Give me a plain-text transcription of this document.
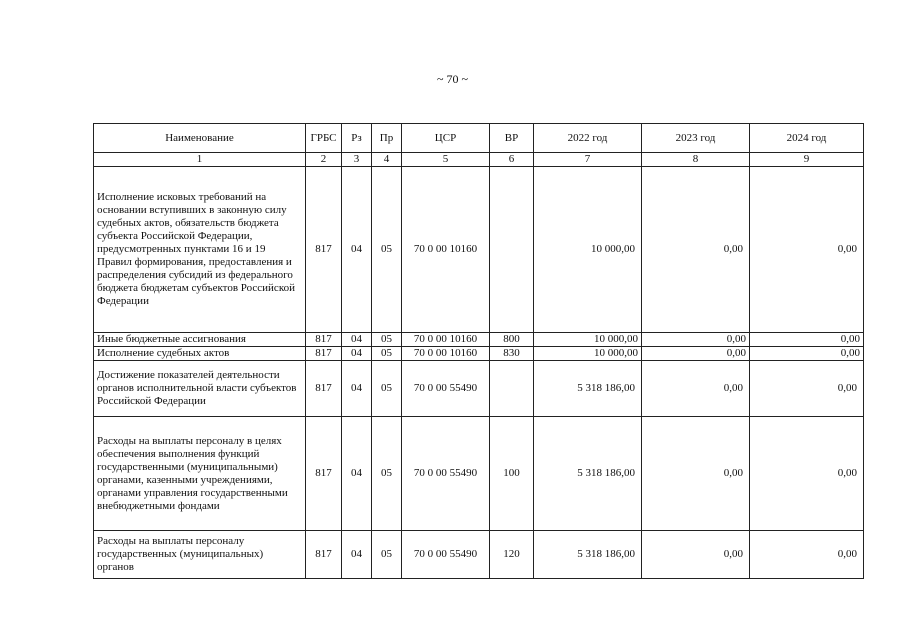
~ 70 ~
Наименование	ГРБС	Рз	Пр	ЦСР	ВР	2022 год	2023 год	2024 год
1	2	3	4	5	6	7	8	9
Исполнение исковых требований на основании вступивших в законную силу судебных актов, обязательств бюджета субъекта Российской Федерации, предусмотренных пунктами 16 и 19 Правил формирования, предоставления и распределения субсидий из федерального бюджета бюджетам субъектов Российской Федерации	817	04	05	70 0 00 10160		10 000,00	0,00	0,00
Иные бюджетные ассигнования	817	04	05	70 0 00 10160	800	10 000,00	0,00	0,00
Исполнение судебных актов	817	04	05	70 0 00 10160	830	10 000,00	0,00	0,00
Достижение показателей деятельности органов исполнительной власти субъектов Российской Федерации	817	04	05	70 0 00 55490		5 318 186,00	0,00	0,00
Расходы на выплаты персоналу в целях обеспечения выполнения функций государственными (муниципальными) органами, казенными учреждениями, органами управления государственными внебюджетными фондами	817	04	05	70 0 00 55490	100	5 318 186,00	0,00	0,00
Расходы на выплаты персоналу государственных (муниципальных) органов	817	04	05	70 0 00 55490	120	5 318 186,00	0,00	0,00
